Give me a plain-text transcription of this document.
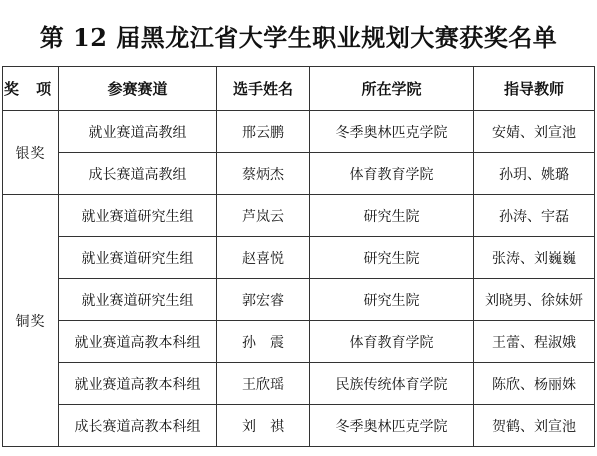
第 12 届黑龙江省大学生职业规划大赛获奖名单
奖 项	参赛赛道	选手姓名	所在学院	指导教师
银奖	就业赛道高教组	邢云鹏	冬季奥林匹克学院	安婧、刘宣池
	成长赛道高教组	蔡炳杰	体育教育学院	孙玥、姚璐
铜奖	就业赛道研究生组	芦岚云	研究生院	孙涛、宇磊
	就业赛道研究生组	赵喜悦	研究生院	张涛、刘巍巍
	就业赛道研究生组	郭宏睿	研究生院	刘晓男、徐妹妍
	就业赛道高教本科组	孙　震	体育教育学院	王蕾、程淑娥
	就业赛道高教本科组	王欣瑶	民族传统体育学院	陈欣、杨丽姝
	成长赛道高教本科组	刘　祺	冬季奥林匹克学院	贺鹤、刘宣池
